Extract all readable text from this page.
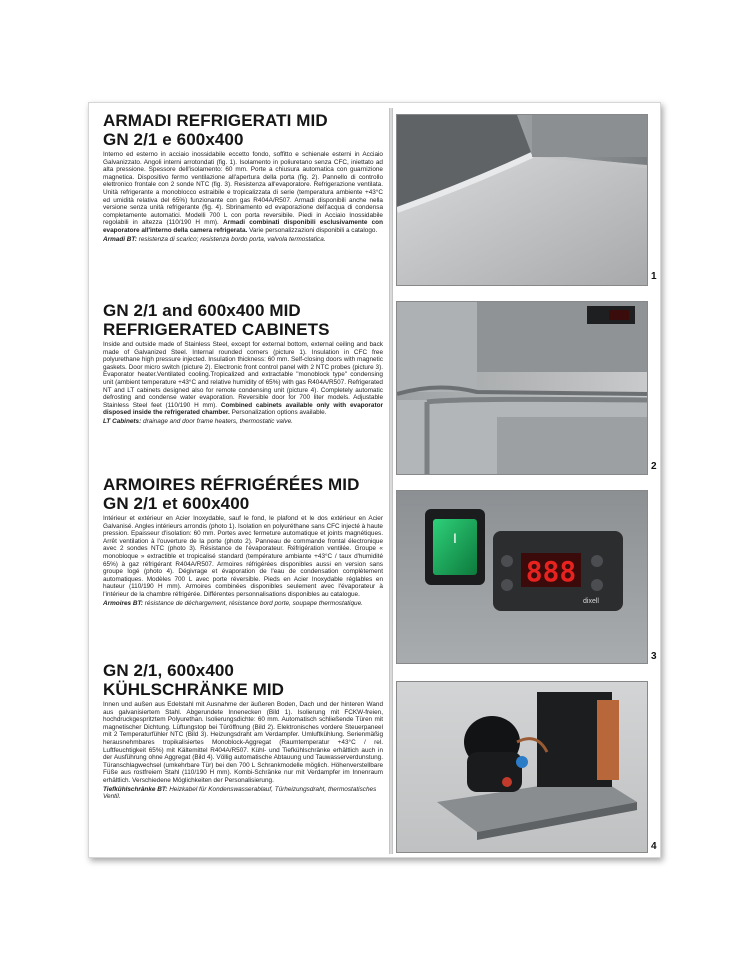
ARMADI REFRIGERATI MID
GN 2/1 e 600x400

Interno ed esterno in acciaio inossidabile eccetto fondo, soffitto e schienale esterni in Acciaio Galvanizzato. Angoli interni arrotondati (fig. 1). Isolamento in poliuretano senza CFC, iniettato ad alta pressione. Spessore dell'isolamento: 60 mm. Porte a chiusura automatica con guarnizione magnetica. Dispositivo fermo ventilazione all'apertura della porta (fig. 2). Pannello di controllo elettronico frontale con 2 sonde NTC (fig. 3). Resistenza all'evaporatore. Refrigerazione ventilata. Unità refrigerante a monoblocco estraibile e tropicalizzata di serie (temperatura ambiente +43°C ed umidità relativa del 65%) funzionante con gas R404A/R507. Armadi disponibili anche nella versione senza unità refrigerante (fig. 4). Sbrinamento ed evaporazione dell'acqua di condensa completamente automatici. Modelli 700 L con porta reversibile. Piedi in Acciaio Inossidabile regolabili in altezza (110/190 H mm). Armadi combinati disponibili esclusivamente con evaporatore all'interno della camera refrigerata. Varie personalizzazioni disponibili a catalogo.

Armadi BT: resistenza di scarico; resistenza bordo porta, valvola termostatica.

GN 2/1 and 600x400 MID
REFRIGERATED CABINETS

Inside and outside made of Stainless Steel, except for external bottom, external ceiling and back made of Galvanized Steel. Internal rounded corners (picture 1). Insulation in CFC free polyurethane high pressure injected. Insulation thickness: 60 mm. Self-closing doors with magnetic gaskets. Door micro switch (picture 2). Electronic front control panel with 2 NTC probes (picture 3). Evaporator heater.Ventilated cooling.Tropicalized and extractable "monoblock type" condensing unit (ambient temperature +43°C and relative humidity of 65%) with gas R404A/R507. Refrigerated NT and LT cabinets designed also for remote condensing unit (picture 4). Completely automatic defrosting and condense water evaporation. Reversible door for 700 liter models. Adjustable Stainless Steel feet (110/190 H mm). Combined cabinets available only with evaporator disposed inside the refrigerated chamber. Personalization options available.

LT Cabinets: drainage and door frame heaters, thermostatic valve.

ARMOIRES RÉFRIGÉRÉES MID
GN 2/1 et 600x400

Intérieur et extérieur en Acier Inoxydable, sauf le fond, le plafond et le dos extérieur en Acier Galvanisé. Angles intérieurs arrondis (photo 1). Isolation en polyuréthane sans CFC injecté à haute pression. Epaisseur d'isolation: 60 mm. Portes avec fermeture automatique et joints magnétiques. Arrêt ventilation à l'ouverture de la porte (photo 2). Panneau de commande frontal électronique avec 2 sondes NTC (photo 3). Résistance de l'évaporateur. Réfrigération ventilée. Groupe « monobloque » extractible et tropicalisé standard (température ambiante +43°C / taux d'humidité 65%) à gaz réfrigérant R404A/R507. Armoires réfrigérées disponibles aussi en version sans groupe logé (photo 4). Dégivrage et évaporation de l'eau de condensation complètement automatiques. Modèles 700 L avec porte réversible. Pieds en Acier Inoxydable réglables en hauteur (110/190 H mm). Armoires combinées disponibles seulement avec l'évaporateur à l'intérieur de la chambre réfrigérée. Différentes personnalisations disponibles au catalogue.

Armoires BT: résistance de déchargement, résistance bord porte, soupape thermostatique.

GN 2/1, 600x400
KÜHLSCHRÄNKE MID

Innen und außen aus Edelstahl mit Ausnahme der äußeren Boden, Dach und der hinteren Wand aus galvanisiertem Stahl. Abgerundete Innenecken (Bild 1). Isolierung mit FCKW-freien, hochdruckgespritztem Polyurethan. Isolierungsdichte: 60 mm. Automatisch schließende Türen mit magnetischer Dichtung. Lüftungstop bei Türöffnung (Bild 2). Elektronisches vordere Steuerpaneel mit 2 Temperaturfühler NTC (Bild 3). Heizungsdraht am Verdampfer. Umluftkühlung. Serienmäßig herausnehmbares tropikalisiertes Monoblock-Aggregat (Raumtemperatur +43°C / rel. Luftfeuchtigkeit 65%) mit Kältemittel R404A/R507. Kühl- und Tiefkühlschränke erhältlich auch in der Ausführung ohne Aggregat (Bild 4). Völlig automatische Abtauung und Tauwasserverdunstung. Türanschlagwechsel (umkehrbare Tür) bei den 700 L Schrankmodelle möglich. Höhenverstellbare Füße aus rostfreiem Stahl (110/190 H mm). Kombi-Schränke nur mit Verdampfer im Innenraum erhältlich. Verschiedene Möglichkeiten der Personalisierung.

Tiefkühlschränke BT: Heizkabel für Kondenswasserablauf, Türheizungsdraht, thermostatisches Ventil.

1
2
I
888
dixell
3
4
